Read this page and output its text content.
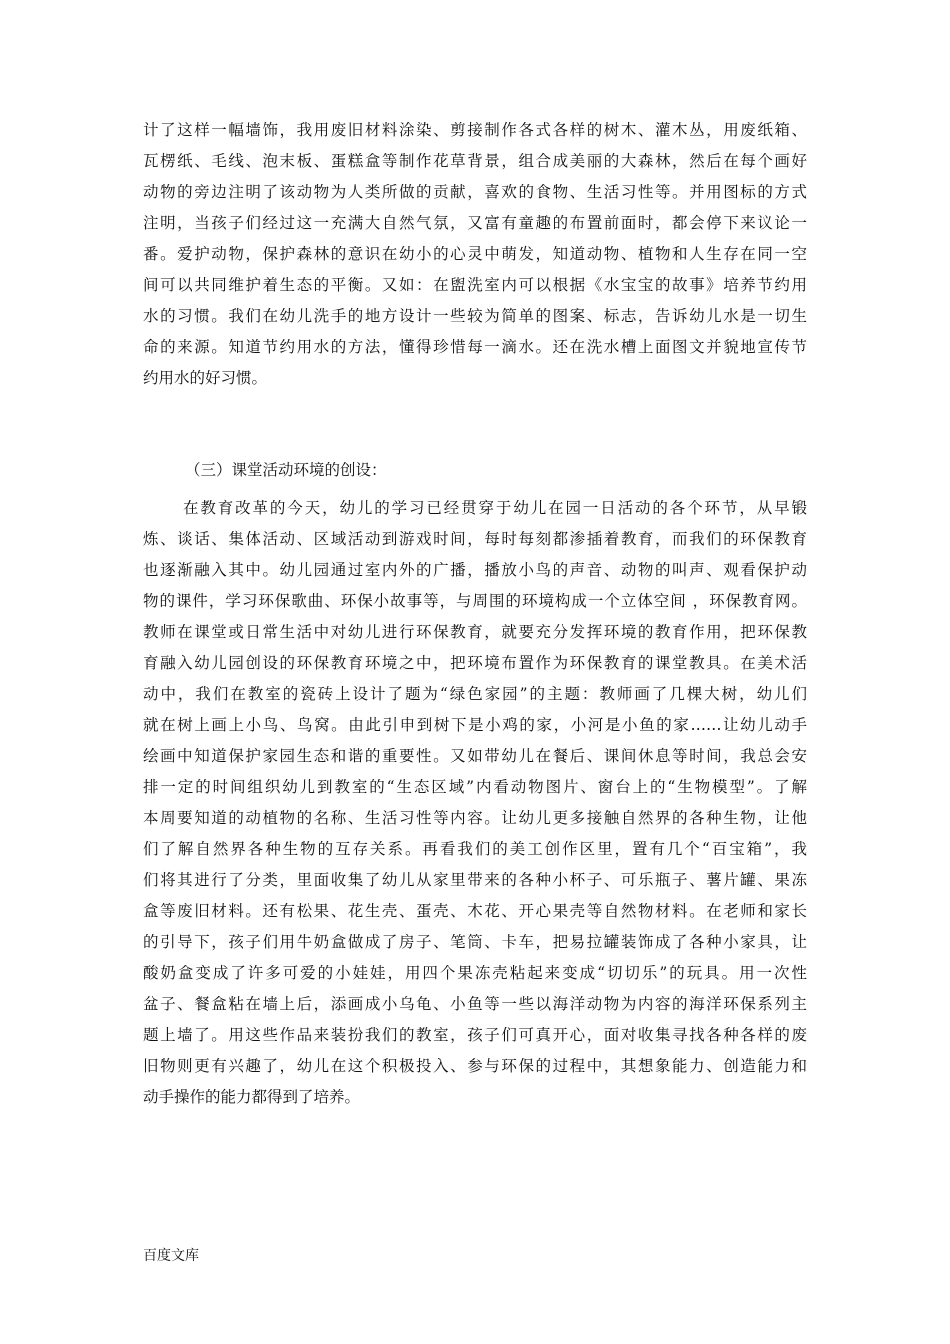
计了这样一幅墙饰，我用废旧材料涂染、剪接制作各式各样的树木、灌木丛，用废纸箱、
瓦楞纸、毛线、泡末板、蛋糕盒等制作花草背景，组合成美丽的大森林，然后在每个画好
动物的旁边注明了该动物为人类所做的贡献，喜欢的食物、生活习性等。并用图标的方式
注明，当孩子们经过这一充满大自然气氛，又富有童趣的布置前面时，都会停下来议论一
番。爱护动物，保护森林的意识在幼小的心灵中萌发，知道动物、植物和人生存在同一空
间可以共同维护着生态的平衡。又如：在盥洗室内可以根据《水宝宝的故事》培养节约用
水的习惯。我们在幼儿洗手的地方设计一些较为简单的图案、标志，告诉幼儿水是一切生
命的来源。知道节约用水的方法，懂得珍惜每一滴水。还在洗水槽上面图文并貌地宣传节
约用水的好习惯。

（三）课堂活动环境的创设：

在教育改革的今天，幼儿的学习已经贯穿于幼儿在园一日活动的各个环节，从早锻
炼、谈话、集体活动、区域活动到游戏时间，每时每刻都渗插着教育，而我们的环保教育
也逐渐融入其中。幼儿园通过室内外的广播，播放小鸟的声音、动物的叫声、观看保护动
物的课件，学习环保歌曲、环保小故事等，与周围的环境构成一个立体空间 ，环保教育网。
教师在课堂或日常生活中对幼儿进行环保教育，就要充分发挥环境的教育作用，把环保教
育融入幼儿园创设的环保教育环境之中，把环境布置作为环保教育的课堂教具。在美术活
动中，我们在教室的瓷砖上设计了题为“绿色家园”的主题：教师画了几棵大树，幼儿们
就在树上画上小鸟、鸟窝。由此引申到树下是小鸡的家，小河是小鱼的家……让幼儿动手
绘画中知道保护家园生态和谐的重要性。又如带幼儿在餐后、课间休息等时间，我总会安
排一定的时间组织幼儿到教室的“生态区域”内看动物图片、窗台上的“生物模型”。了解
本周要知道的动植物的名称、生活习性等内容。让幼儿更多接触自然界的各种生物，让他
们了解自然界各种生物的互存关系。再看我们的美工创作区里，置有几个“百宝箱”，我
们将其进行了分类，里面收集了幼儿从家里带来的各种小杯子、可乐瓶子、薯片罐、果冻
盒等废旧材料。还有松果、花生壳、蛋壳、木花、开心果壳等自然物材料。在老师和家长
的引导下，孩子们用牛奶盒做成了房子、笔筒、卡车，把易拉罐装饰成了各种小家具，让
酸奶盒变成了许多可爱的小娃娃，用四个果冻壳粘起来变成“切切乐”的玩具。用一次性
盆子、餐盒粘在墙上后，添画成小乌龟、小鱼等一些以海洋动物为内容的海洋环保系列主
题上墙了。用这些作品来装扮我们的教室，孩子们可真开心，面对收集寻找各种各样的废
旧物则更有兴趣了，幼儿在这个积极投入、参与环保的过程中，其想象能力、创造能力和
动手操作的能力都得到了培养。
百度文库
